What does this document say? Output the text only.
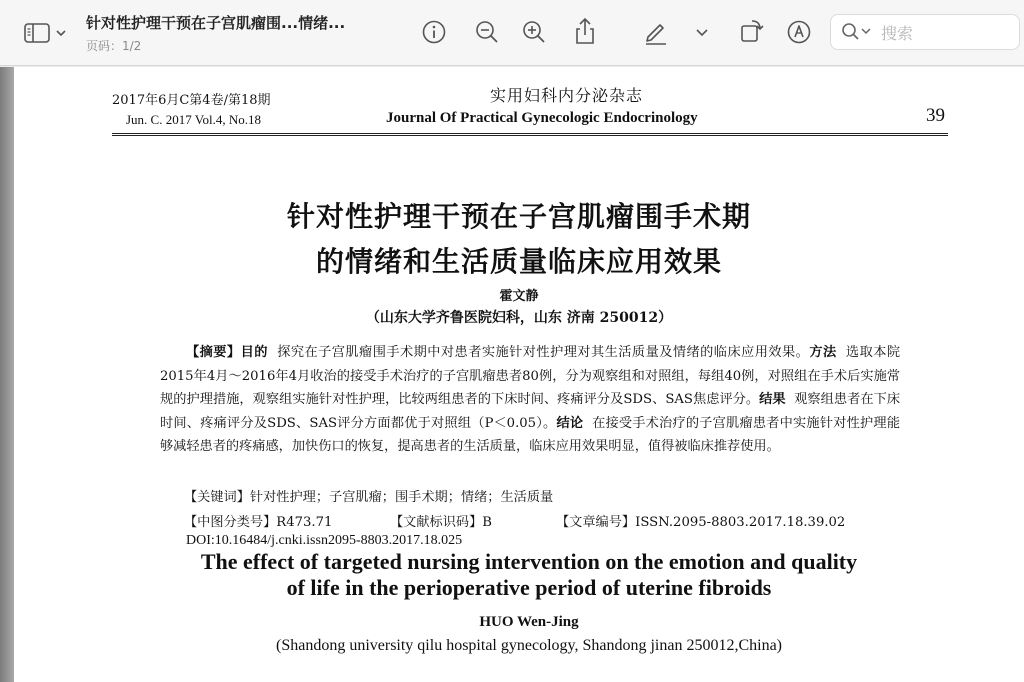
针对性护理干预在子宫肌瘤围...情绪...
页码：1/2
搜索
2017年6月C第4卷/第18期
Jun. C. 2017 Vol.4, No.18
实用妇科内分泌杂志
Journal Of Practical Gynecologic Endocrinology	39
针对性护理干预在子宫肌瘤围手术期
的情绪和生活质量临床应用效果
霍文静
（山东大学齐鲁医院妇科，山东 济南 250012）
【摘要】目的 探究在子宫肌瘤围手术期中对患者实施针对性护理对其生活质量及情绪的临床应用效果。方法 选取本院2015年4月～2016年4月收治的接受手术治疗的子宫肌瘤患者80例，分为观察组和对照组，每组40例，对照组在手术后实施常规的护理措施，观察组实施针对性护理，比较两组患者的下床时间、疼痛评分及SDS、SAS焦虑评分。结果 观察组患者在下床时间、疼痛评分及SDS、SAS评分方面都优于对照组（P＜0.05）。结论 在接受手术治疗的子宫肌瘤患者中实施针对性护理能够减轻患者的疼痛感，加快伤口的恢复，提高患者的生活质量，临床应用效果明显，值得被临床推荐使用。
【关键词】针对性护理；子宫肌瘤；围手术期；情绪；生活质量
【中图分类号】R473.71	【文献标识码】B	【文章编号】ISSN.2095-8803.2017.18.39.02
DOI:10.16484/j.cnki.issn2095-8803.2017.18.025
The effect of targeted nursing intervention on the emotion and quality
of life in the perioperative period of uterine fibroids
HUO Wen-Jing
(Shandong university qilu hospital gynecology, Shandong jinan 250012,China)
